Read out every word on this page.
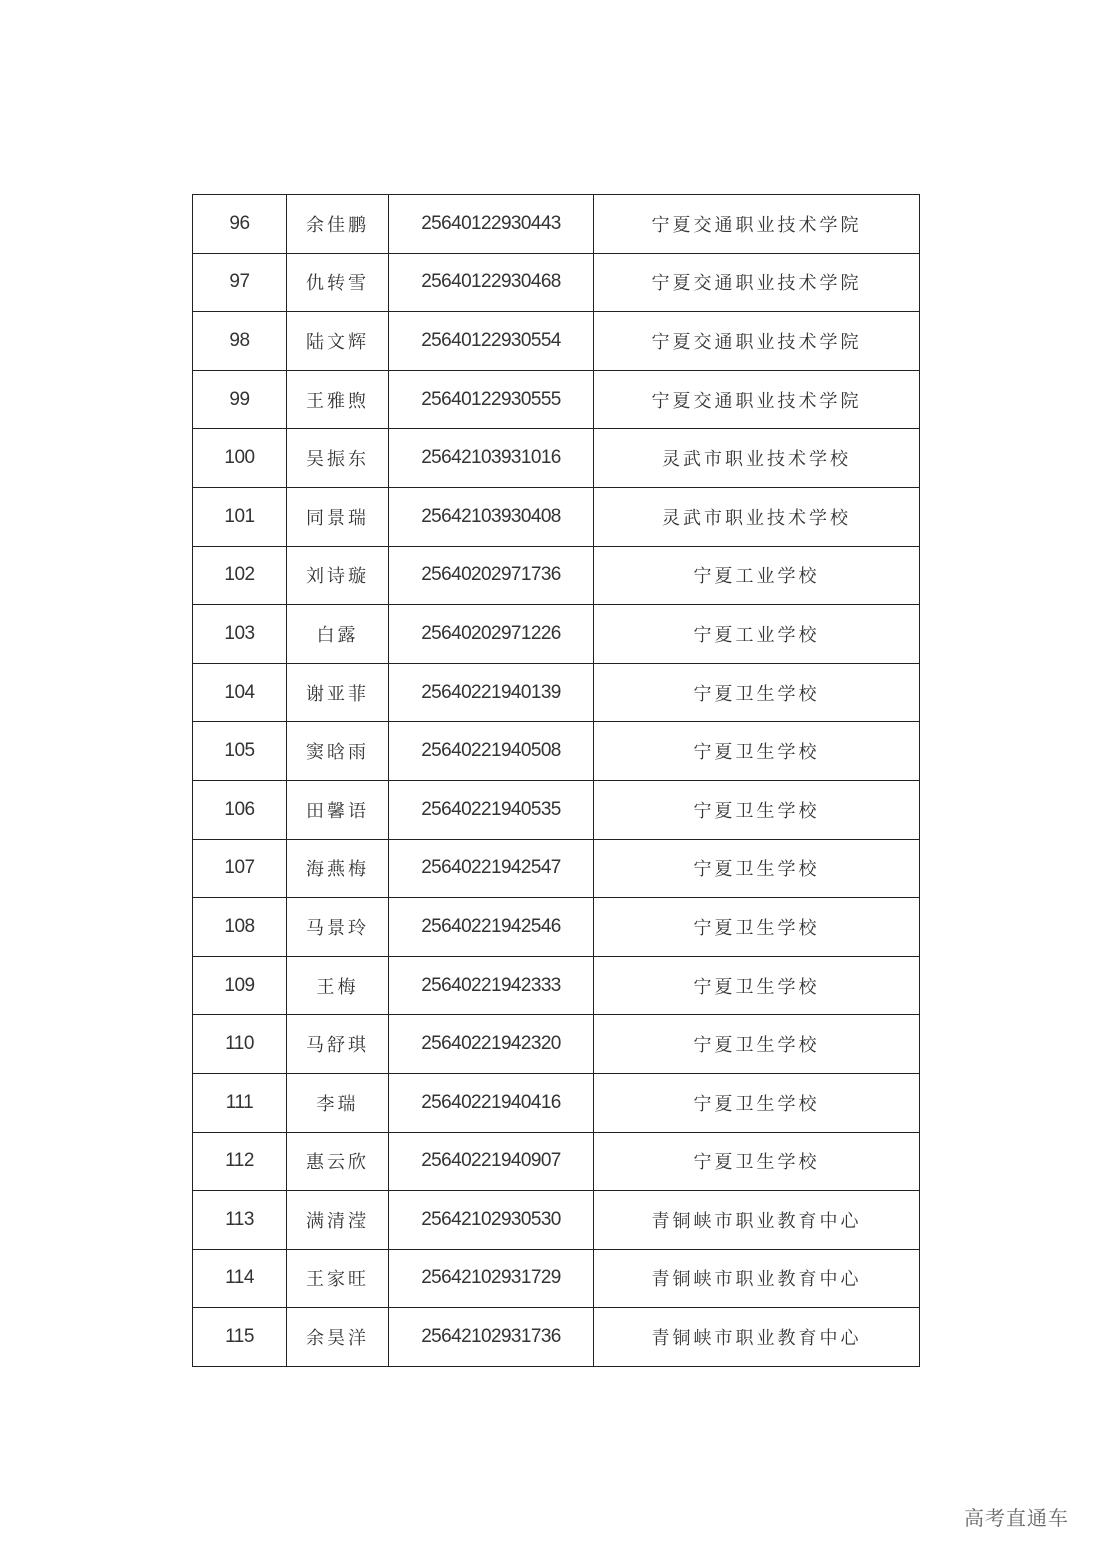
96	余佳鹏	25640122930443	宁夏交通职业技术学院
97	仇转雪	25640122930468	宁夏交通职业技术学院
98	陆文辉	25640122930554	宁夏交通职业技术学院
99	王雅煦	25640122930555	宁夏交通职业技术学院
100	吴振东	25642103931016	灵武市职业技术学校
101	同景瑞	25642103930408	灵武市职业技术学校
102	刘诗璇	25640202971736	宁夏工业学校
103	白露	25640202971226	宁夏工业学校
104	谢亚菲	25640221940139	宁夏卫生学校
105	窦晗雨	25640221940508	宁夏卫生学校
106	田馨语	25640221940535	宁夏卫生学校
107	海燕梅	25640221942547	宁夏卫生学校
108	马景玲	25640221942546	宁夏卫生学校
109	王梅	25640221942333	宁夏卫生学校
110	马舒琪	25640221942320	宁夏卫生学校
111	李瑞	25640221940416	宁夏卫生学校
112	惠云欣	25640221940907	宁夏卫生学校
113	满清滢	25642102930530	青铜峡市职业教育中心
114	王家旺	25642102931729	青铜峡市职业教育中心
115	余昊洋	25642102931736	青铜峡市职业教育中心
高考直通车
